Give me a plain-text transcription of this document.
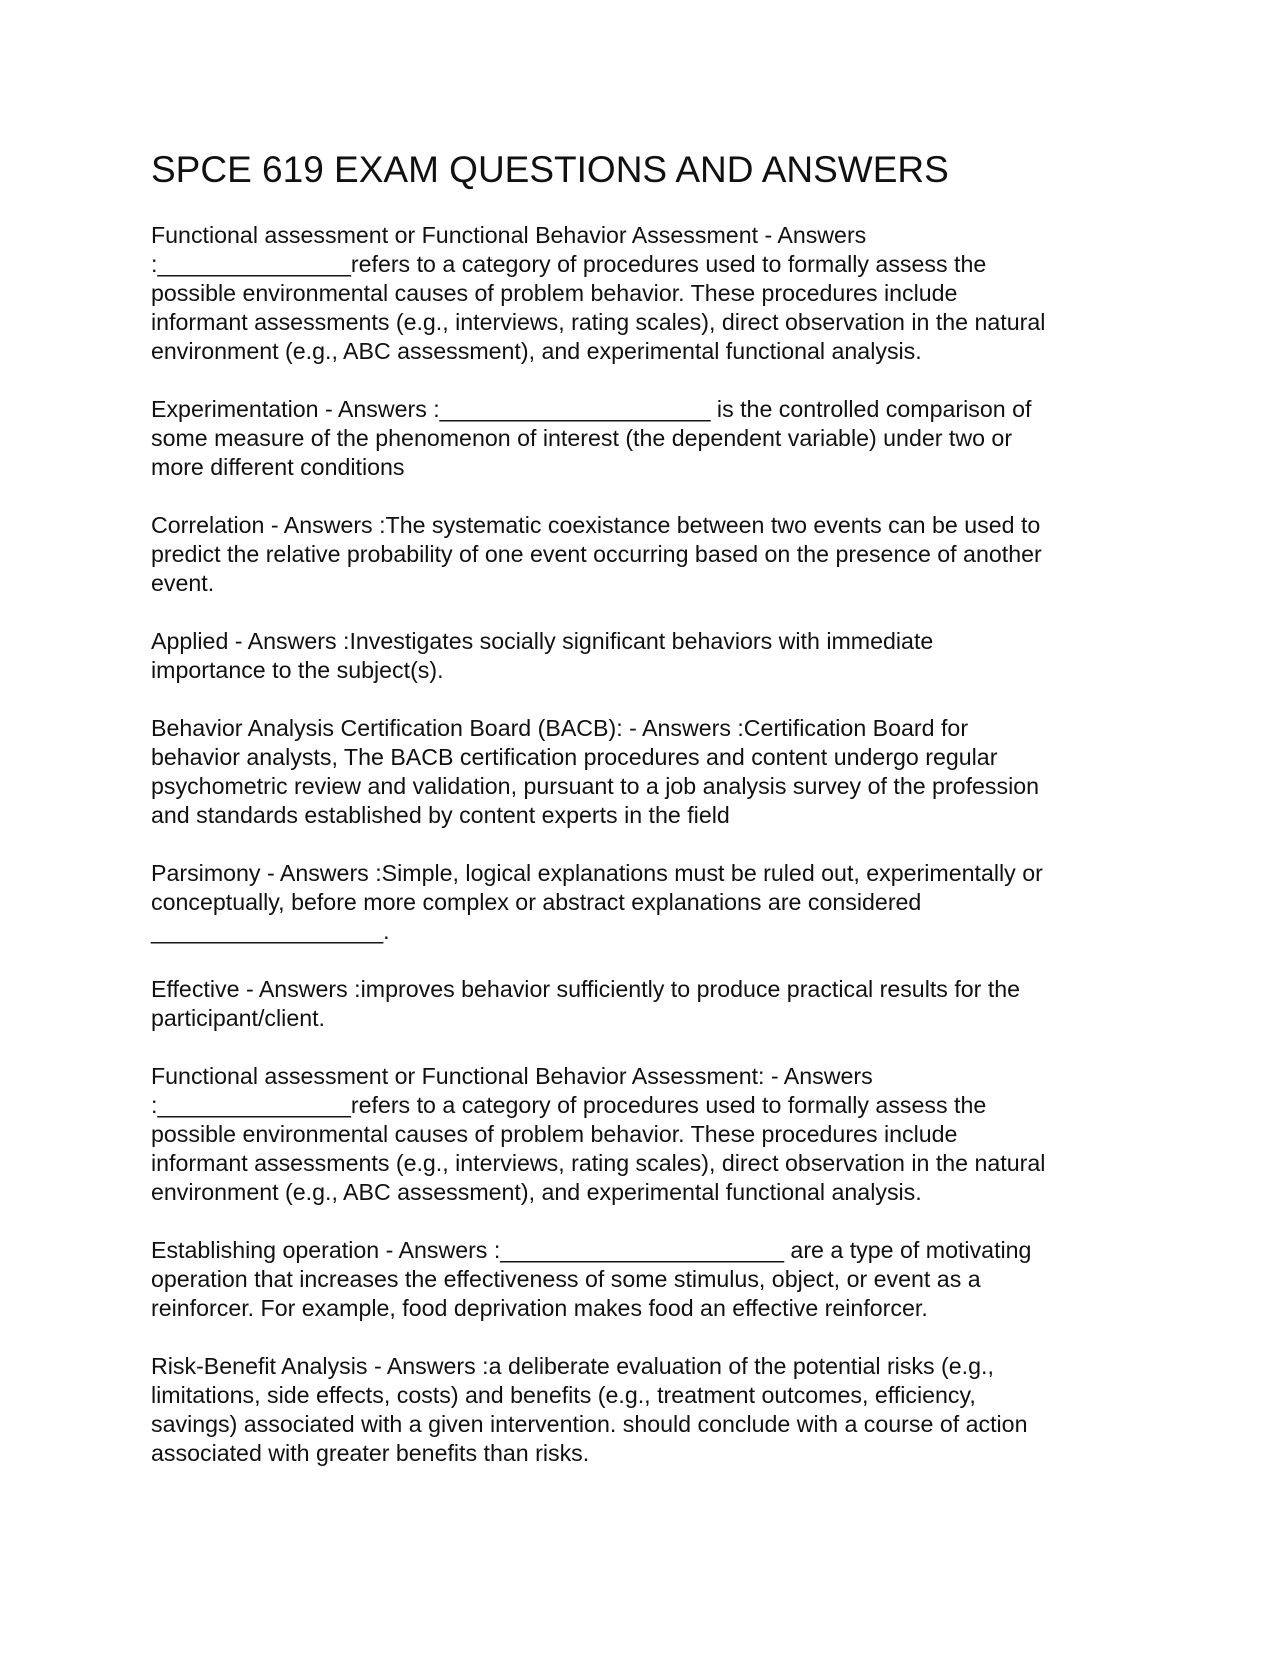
SPCE 619 EXAM QUESTIONS AND ANSWERS

Functional assessment or Functional Behavior Assessment - Answers
:_______________refers to a category of procedures used to formally assess the
possible environmental causes of problem behavior. These procedures include
informant assessments (e.g., interviews, rating scales), direct observation in the natural
environment (e.g., ABC assessment), and experimental functional analysis.

Experimentation - Answers :_____________________ is the controlled comparison of
some measure of the phenomenon of interest (the dependent variable) under two or
more different conditions

Correlation - Answers :The systematic coexistance between two events can be used to
predict the relative probability of one event occurring based on the presence of another
event.

Applied - Answers :Investigates socially significant behaviors with immediate
importance to the subject(s).

Behavior Analysis Certification Board (BACB): - Answers :Certification Board for
behavior analysts, The BACB certification procedures and content undergo regular
psychometric review and validation, pursuant to a job analysis survey of the profession
and standards established by content experts in the field

Parsimony - Answers :Simple, logical explanations must be ruled out, experimentally or
conceptually, before more complex or abstract explanations are considered
__________________.

Effective - Answers :improves behavior sufficiently to produce practical results for the
participant/client.

Functional assessment or Functional Behavior Assessment: - Answers
:_______________refers to a category of procedures used to formally assess the
possible environmental causes of problem behavior. These procedures include
informant assessments (e.g., interviews, rating scales), direct observation in the natural
environment (e.g., ABC assessment), and experimental functional analysis.

Establishing operation - Answers :______________________ are a type of motivating
operation that increases the effectiveness of some stimulus, object, or event as a
reinforcer. For example, food deprivation makes food an effective reinforcer.

Risk-Benefit Analysis - Answers :a deliberate evaluation of the potential risks (e.g.,
limitations, side effects, costs) and benefits (e.g., treatment outcomes, efficiency,
savings) associated with a given intervention. should conclude with a course of action
associated with greater benefits than risks.
